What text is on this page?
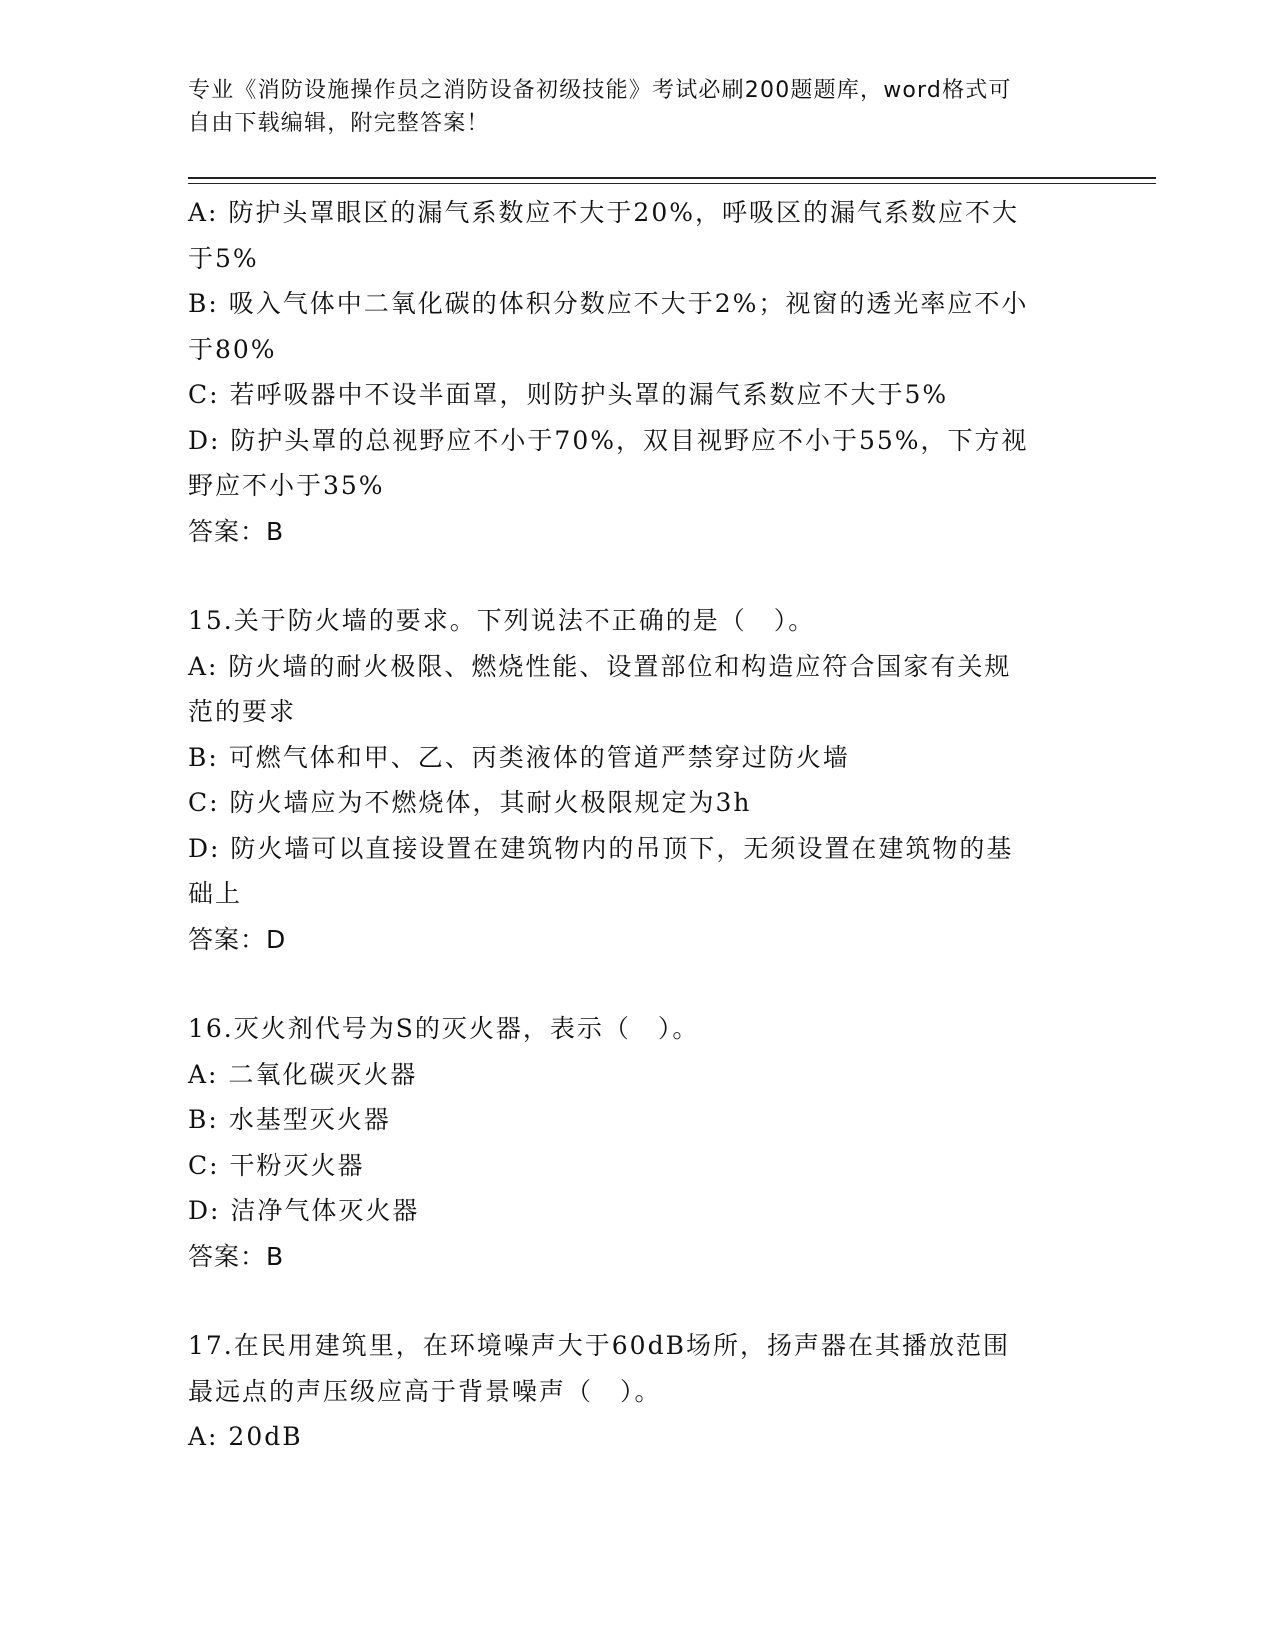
专业《消防设施操作员之消防设备初级技能》考试必刷200题题库，word格式可
自由下载编辑，附完整答案！
A: 防护头罩眼区的漏气系数应不大于20%，呼吸区的漏气系数应不大
于5%
B: 吸入气体中二氧化碳的体积分数应不大于2%；视窗的透光率应不小
于80%
C: 若呼吸器中不设半面罩，则防护头罩的漏气系数应不大于5%
D: 防护头罩的总视野应不小于70%，双目视野应不小于55%，下方视
野应不小于35%
答案：B
15.关于防火墙的要求。下列说法不正确的是（　）。
A: 防火墙的耐火极限、燃烧性能、设置部位和构造应符合国家有关规
范的要求
B: 可燃气体和甲、乙、丙类液体的管道严禁穿过防火墙
C: 防火墙应为不燃烧体，其耐火极限规定为3h
D: 防火墙可以直接设置在建筑物内的吊顶下，无须设置在建筑物的基
础上
答案：D
16.灭火剂代号为S的灭火器，表示（　）。
A: 二氧化碳灭火器
B: 水基型灭火器
C: 干粉灭火器
D: 洁净气体灭火器
答案：B
17.在民用建筑里，在环境噪声大于60dB场所，扬声器在其播放范围
最远点的声压级应高于背景噪声（　）。
A: 20dB
